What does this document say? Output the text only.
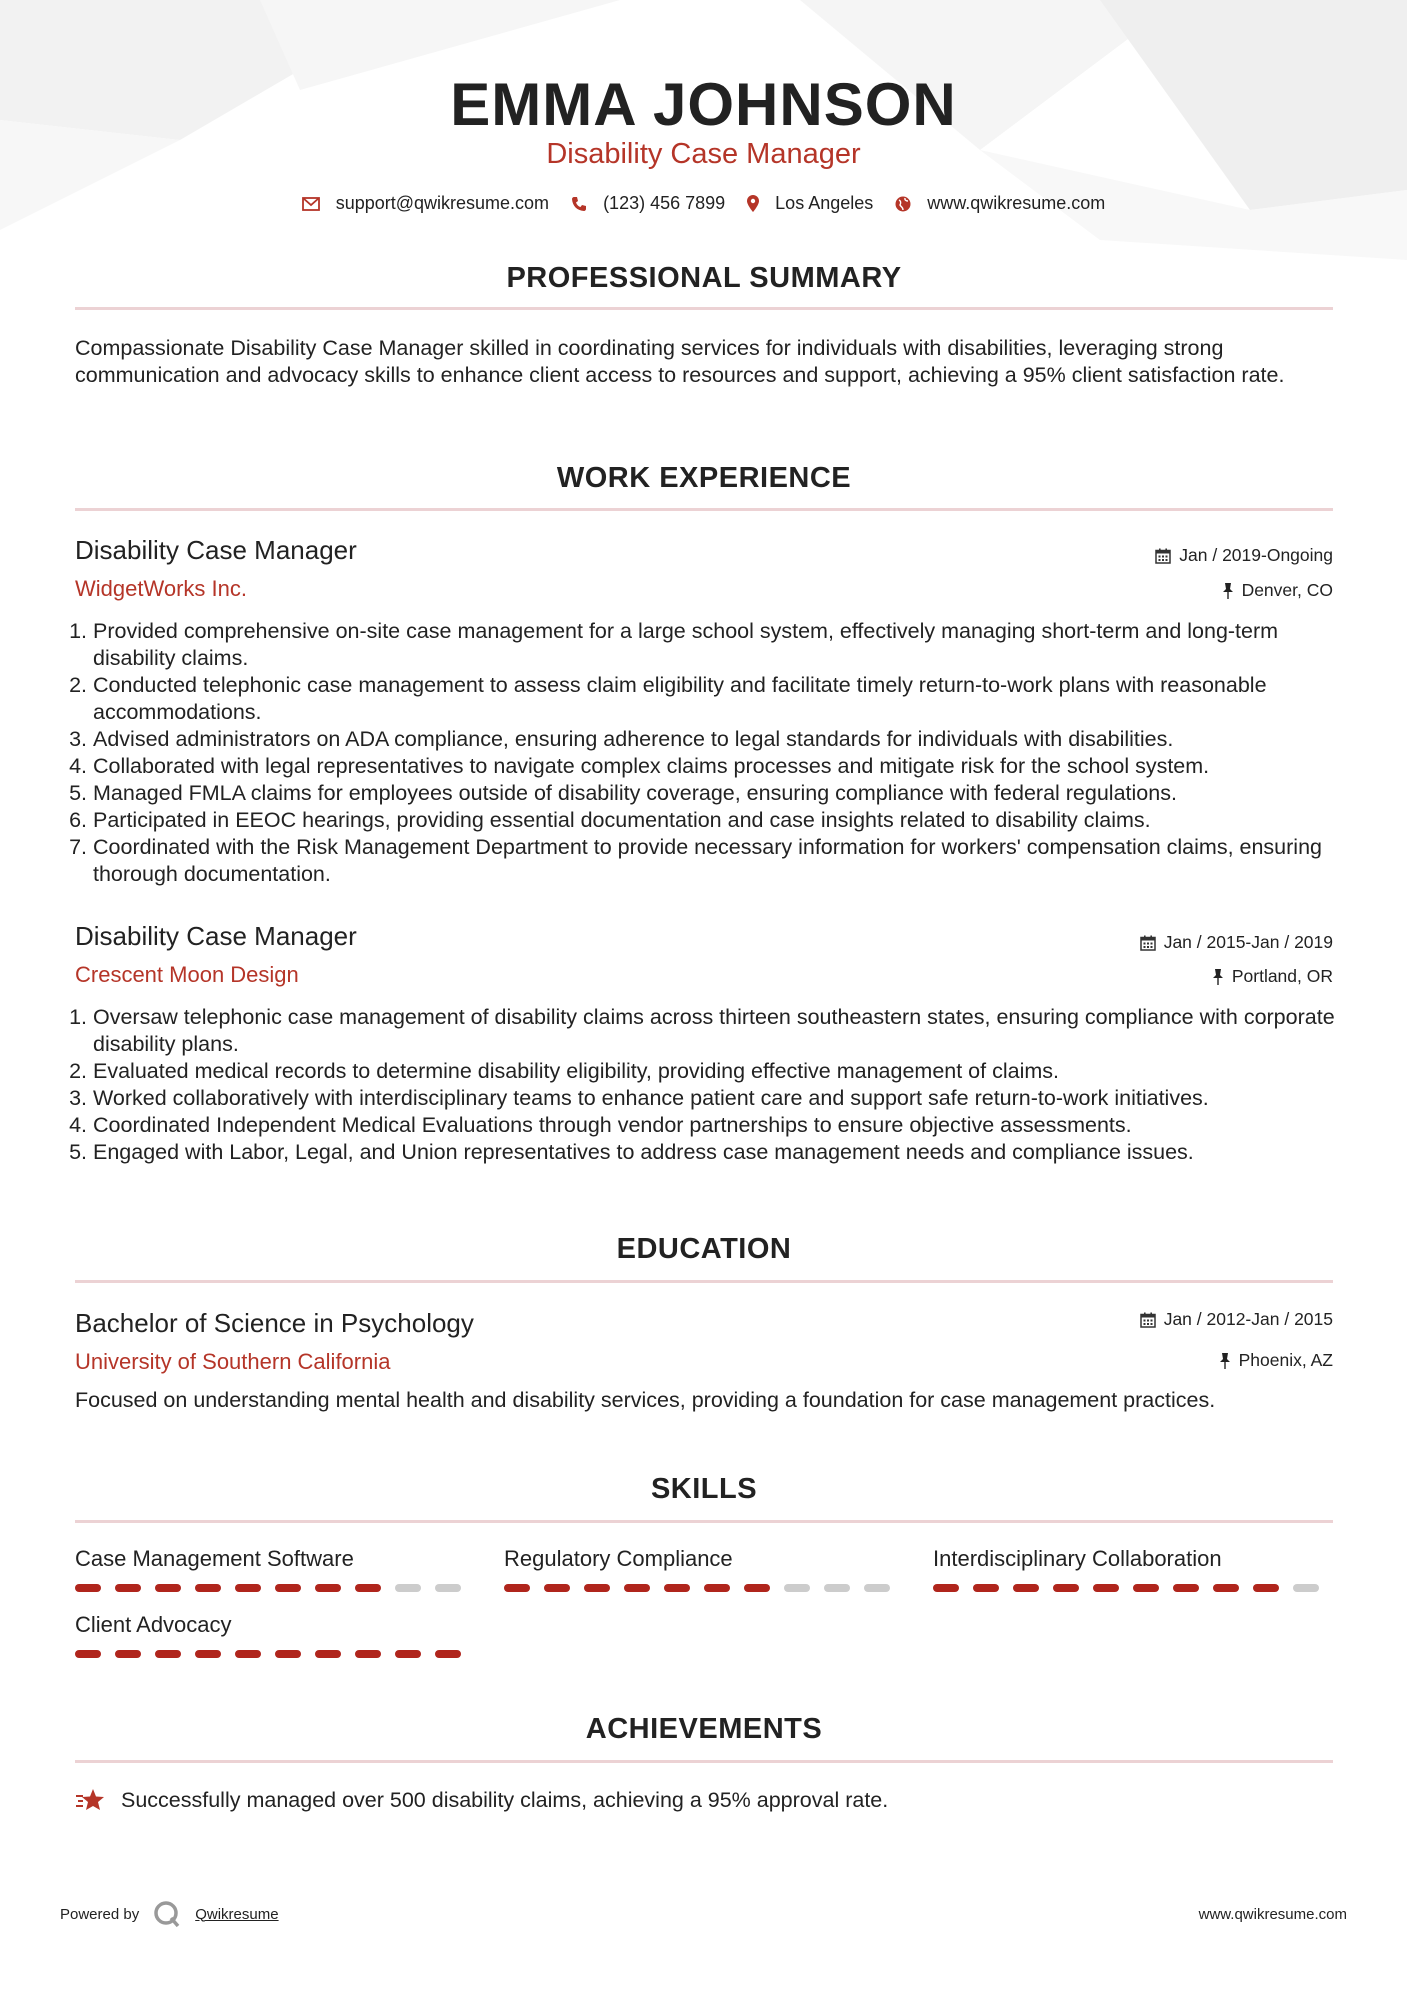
EMMA JOHNSON
Disability Case Manager
support@qwikresume.com	(123) 456 7899	Los Angeles	www.qwikresume.com
PROFESSIONAL SUMMARY
Compassionate Disability Case Manager skilled in coordinating services for individuals with disabilities, leveraging strong communication and advocacy skills to enhance client access to resources and support, achieving a 95% client satisfaction rate.
WORK EXPERIENCE
Disability Case Manager
WidgetWorks Inc.
Jan / 2019-Ongoing
Denver, CO
1. Provided comprehensive on-site case management for a large school system, effectively managing short-term and long-term disability claims.
2. Conducted telephonic case management to assess claim eligibility and facilitate timely return-to-work plans with reasonable accommodations.
3. Advised administrators on ADA compliance, ensuring adherence to legal standards for individuals with disabilities.
4. Collaborated with legal representatives to navigate complex claims processes and mitigate risk for the school system.
5. Managed FMLA claims for employees outside of disability coverage, ensuring compliance with federal regulations.
6. Participated in EEOC hearings, providing essential documentation and case insights related to disability claims.
7. Coordinated with the Risk Management Department to provide necessary information for workers' compensation claims, ensuring thorough documentation.
Disability Case Manager
Crescent Moon Design
Jan / 2015-Jan / 2019
Portland, OR
1. Oversaw telephonic case management of disability claims across thirteen southeastern states, ensuring compliance with corporate disability plans.
2. Evaluated medical records to determine disability eligibility, providing effective management of claims.
3. Worked collaboratively with interdisciplinary teams to enhance patient care and support safe return-to-work initiatives.
4. Coordinated Independent Medical Evaluations through vendor partnerships to ensure objective assessments.
5. Engaged with Labor, Legal, and Union representatives to address case management needs and compliance issues.
EDUCATION
Bachelor of Science in Psychology
University of Southern California
Jan / 2012-Jan / 2015
Phoenix, AZ
Focused on understanding mental health and disability services, providing a foundation for case management practices.
SKILLS
Case Management Software	Regulatory Compliance	Interdisciplinary Collaboration
Client Advocacy
ACHIEVEMENTS
Successfully managed over 500 disability claims, achieving a 95% approval rate.
Powered by	Qwikresume	www.qwikresume.com
